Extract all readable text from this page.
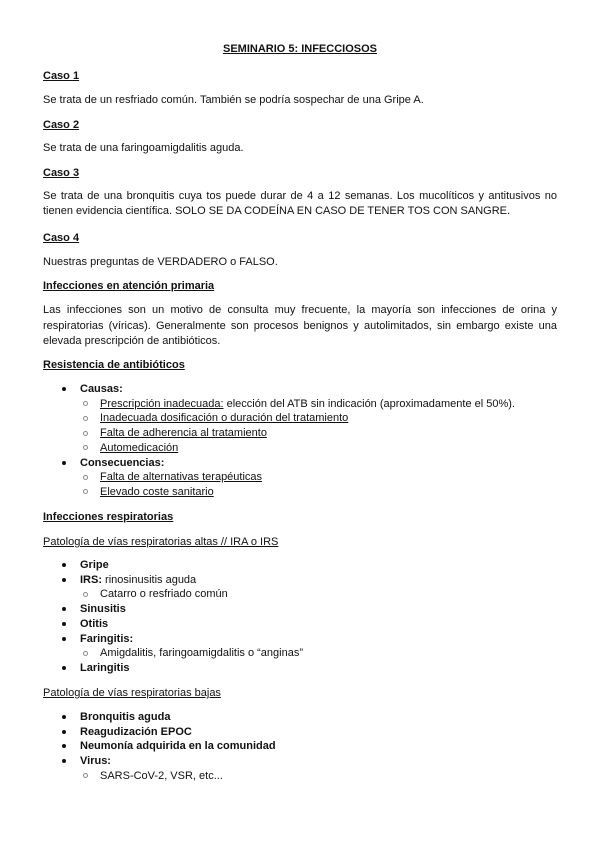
SEMINARIO 5: INFECCIOSOS
Caso 1

Se trata de un resfriado común. También se podría sospechar de una Gripe A.

Caso 2

Se trata de una faringoamigdalitis aguda.

Caso 3

Se trata de una bronquitis cuya tos puede durar de 4 a 12 semanas. Los mucolíticos y antitusivos no tienen evidencia científica. SOLO SE DA CODEÍNA EN CASO DE TENER TOS CON SANGRE.

Caso 4

Nuestras preguntas de VERDADERO o FALSO.

Infecciones en atención primaria

Las infecciones son un motivo de consulta muy frecuente, la mayoría son infecciones de orina y respiratorias (víricas). Generalmente son procesos benignos y autolimitados, sin embargo existe una elevada prescripción de antibióticos.

Resistencia de antibióticos
Causas:
Prescripción inadecuada: elección del ATB sin indicación (aproximadamente el 50%).
Inadecuada dosificación o duración del tratamiento
Falta de adherencia al tratamiento
Automedicación
Consecuencias:
Falta de alternativas terapéuticas
Elevado coste sanitario
Infecciones respiratorias
Patología de vías respiratorias altas // IRA o IRS
Gripe
IRS: rinosinusitis aguda
Catarro o resfriado común
Sinusitis
Otitis
Faringitis:
Amigdalitis, faringoamigdalitis o “anginas”
Laringitis
Patología de vías respiratorias bajas
Bronquitis aguda
Reagudización EPOC
Neumonía adquirida en la comunidad
Virus:
SARS-CoV-2, VSR, etc...
